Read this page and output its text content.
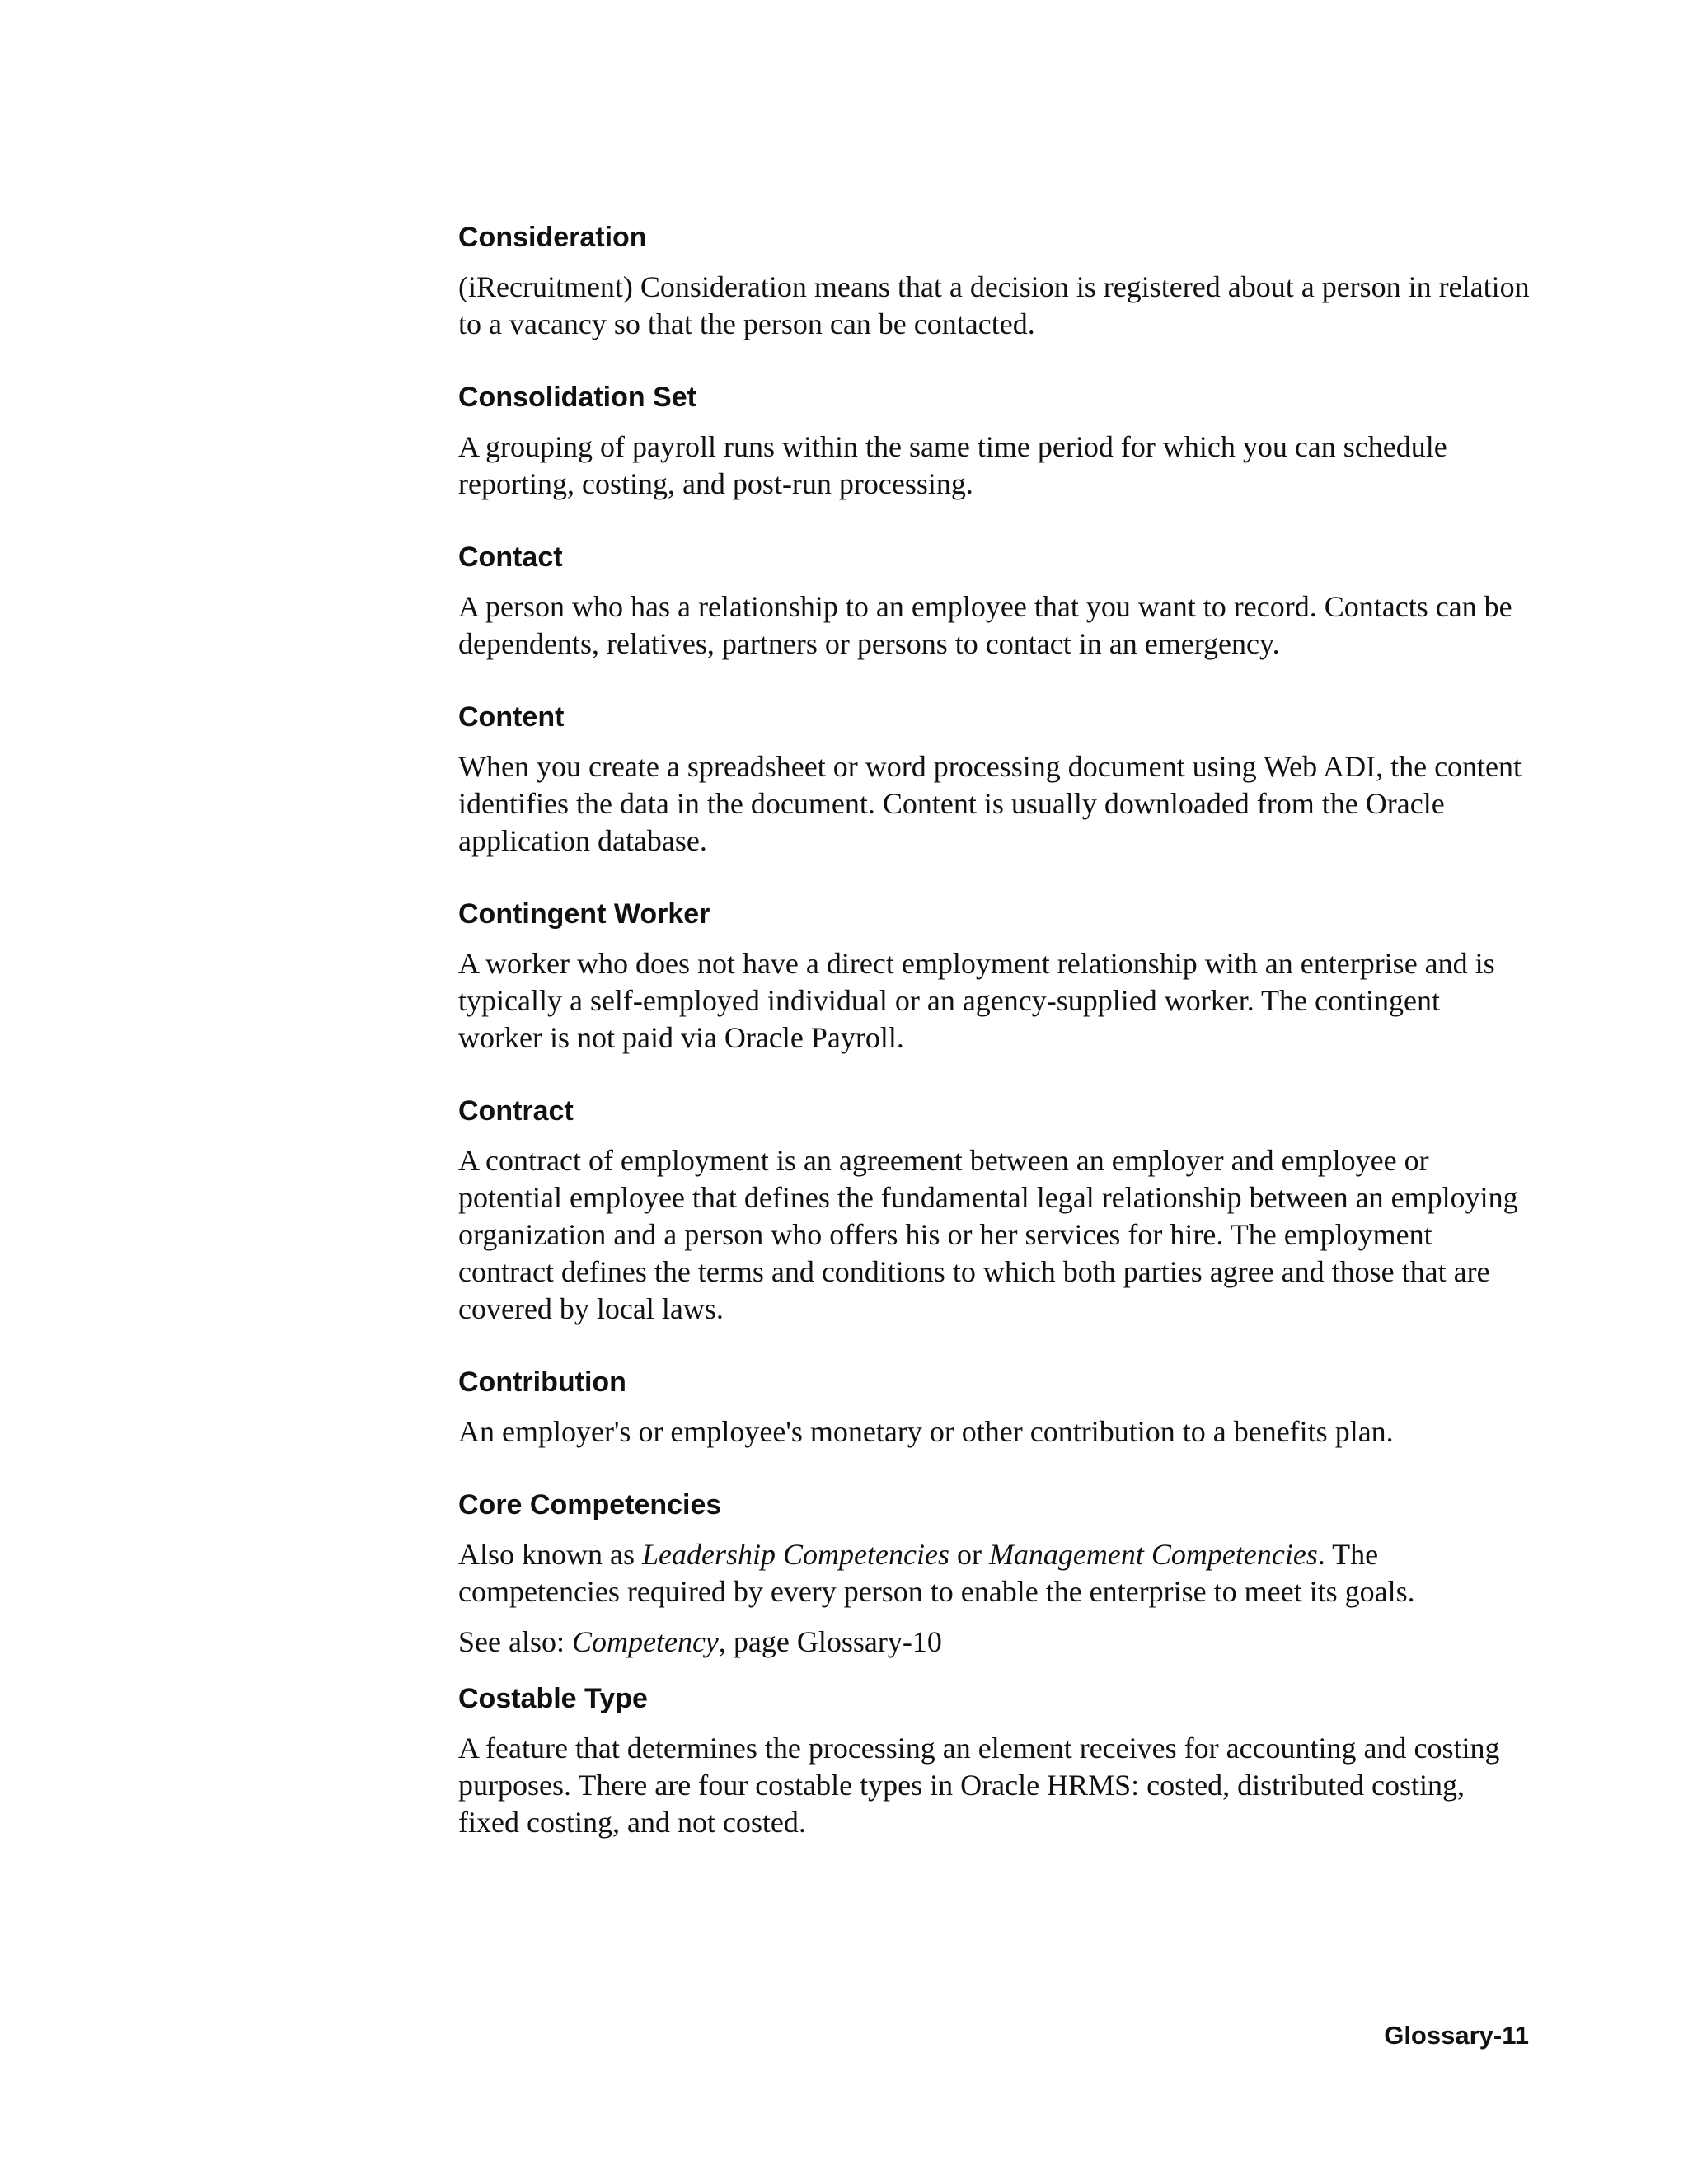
Consideration

(iRecruitment) Consideration means that a decision is registered about a person in relation to a vacancy so that the person can be contacted.

Consolidation Set

A grouping of payroll runs within the same time period for which you can schedule reporting, costing, and post-run processing.

Contact

A person who has a relationship to an employee that you want to record. Contacts can be dependents, relatives, partners or persons to contact in an emergency.

Content

When you create a spreadsheet or word processing document using Web ADI, the content identifies the data in the document. Content is usually downloaded from the Oracle application database.

Contingent Worker

A worker who does not have a direct employment relationship with an enterprise and is typically a self-employed individual or an agency-supplied worker. The contingent worker is not paid via Oracle Payroll.

Contract

A contract of employment is an agreement between an employer and employee or potential employee that defines the fundamental legal relationship between an employing organization and a person who offers his or her services for hire. The employment contract defines the terms and conditions to which both parties agree and those that are covered by local laws.

Contribution

An employer's or employee's monetary or other contribution to a benefits plan.

Core Competencies

Also known as Leadership Competencies or Management Competencies. The competencies required by every person to enable the enterprise to meet its goals.

See also: Competency, page Glossary-10

Costable Type

A feature that determines the processing an element receives for accounting and costing purposes. There are four costable types in Oracle HRMS: costed, distributed costing, fixed costing, and not costed.

Glossary-11
